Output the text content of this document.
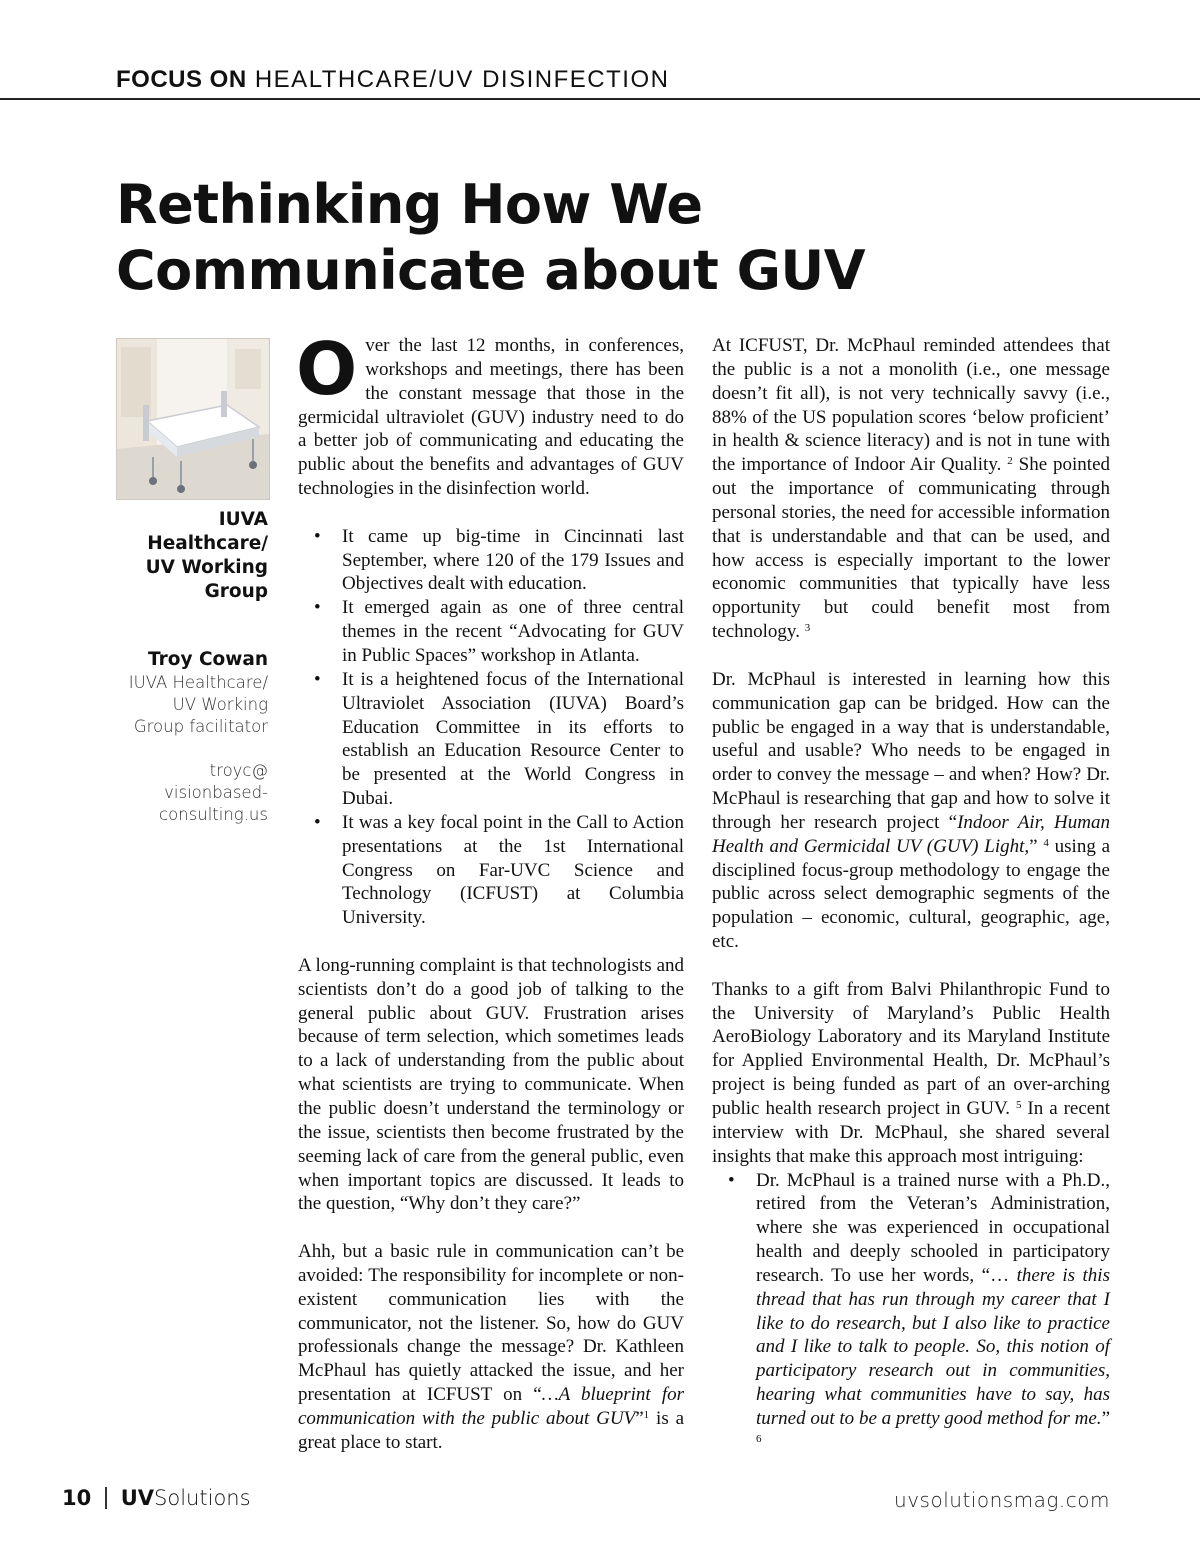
FOCUS ON HEALTHCARE/UV DISINFECTION
Rethinking How We
Communicate about GUV
IUVA
Healthcare/
UV Working
Group
Troy Cowan
IUVA Healthcare/
UV Working
Group facilitator
troyc@
visionbased-
consulting.us

Over the last 12 months, in conferences, workshops and meetings, there has been the constant message that those in the germicidal ultraviolet (GUV) industry need to do a better job of communicating and educating the public about the benefits and advantages of GUV technologies in the disinfection world.

• It came up big-time in Cincinnati last September, where 120 of the 179 Issues and Objectives dealt with education.
• It emerged again as one of three central themes in the recent “Advocating for GUV in Public Spaces” workshop in Atlanta.
• It is a heightened focus of the International Ultraviolet Association (IUVA) Board’s Education Committee in its efforts to establish an Education Resource Center to be presented at the World Congress in Dubai.
• It was a key focal point in the Call to Action presentations at the 1st International Congress on Far-UVC Science and Technology (ICFUST) at Columbia University.

A long-running complaint is that technologists and scientists don’t do a good job of talking to the general public about GUV. Frustration arises because of term selection, which sometimes leads to a lack of understanding from the public about what scientists are trying to communicate. When the public doesn’t understand the terminology or the issue, scientists then become frustrated by the seeming lack of care from the general public, even when important topics are discussed. It leads to the question, “Why don’t they care?”

Ahh, but a basic rule in communication can’t be avoided: The responsibility for incomplete or non-existent communication lies with the communicator, not the listener. So, how do GUV professionals change the message? Dr. Kathleen McPhaul has quietly attacked the issue, and her presentation at ICFUST on “…A blueprint for communication with the public about GUV”$^1$ is a great place to start.

At ICFUST, Dr. McPhaul reminded attendees that the public is a not a monolith (i.e., one message doesn’t fit all), is not very technically savvy (i.e., 88% of the US population scores ‘below proficient’ in health & science literacy) and is not in tune with the importance of Indoor Air Quality. $^2$ She pointed out the importance of communicating through personal stories, the need for accessible information that is understandable and that can be used, and how access is especially important to the lower economic communities that typically have less opportunity but could benefit most from technology. $^3$

Dr. McPhaul is interested in learning how this communication gap can be bridged. How can the public be engaged in a way that is understandable, useful and usable? Who needs to be engaged in order to convey the message – and when? How? Dr. McPhaul is researching that gap and how to solve it through her research project “Indoor Air, Human Health and Germicidal UV (GUV) Light,” $^4$ using a disciplined focus-group methodology to engage the public across select demographic segments of the population – economic, cultural, geographic, age, etc.

Thanks to a gift from Balvi Philanthropic Fund to the University of Maryland’s Public Health AeroBiology Laboratory and its Maryland Institute for Applied Environmental Health, Dr. McPhaul’s project is being funded as part of an over-arching public health research project in GUV. $^5$ In a recent interview with Dr. McPhaul, she shared several insights that make this approach most intriguing:

• Dr. McPhaul is a trained nurse with a Ph.D., retired from the Veteran’s Administration, where she was experienced in occupational health and deeply schooled in participatory research. To use her words, “… there is this thread that has run through my career that I like to do research, but I also like to practice and I like to talk to people. So, this notion of participatory research out in communities, hearing what communities have to say, has turned out to be a pretty good method for me.” $^6$
10 UVSolutions	uvsolutionsmag.com
